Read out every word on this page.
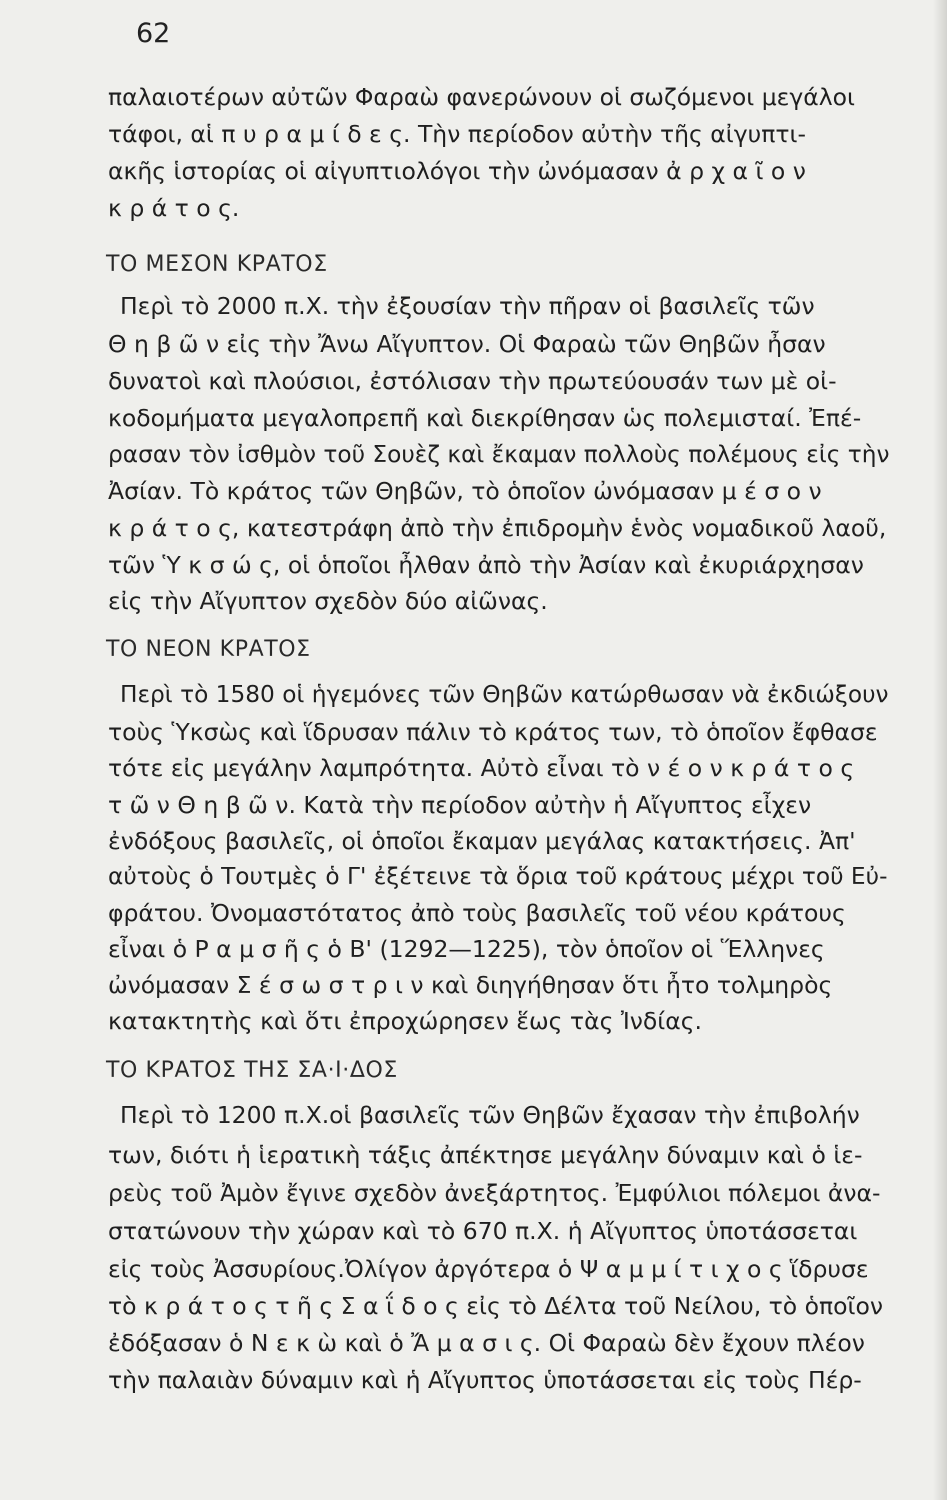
62
παλαιοτέρων αὐτῶν Φαραὼ φανερώνουν οἱ σωζόμενοι μεγάλοι
τάφοι, αἱ π υ ρ α μ ί δ ε ς. Τὴν περίοδον αὐτὴν τῆς αἰγυπτι-
ακῆς ἱστορίας οἱ αἰγυπτιολόγοι τὴν ὠνόμασαν ἀ ρ χ α ῖ ο ν
κ ρ ά τ ο ς.
ΤΟ ΜΕΣΟΝ ΚΡΑΤΟΣ
Περὶ τὸ 2000 π.Χ. τὴν ἐξουσίαν τὴν πῆραν οἱ βασιλεῖς τῶν
Θ η β ῶ ν εἰς τὴν Ἄνω Αἴγυπτον. Οἱ Φαραὼ τῶν Θηβῶν ἦσαν
δυνατοὶ καὶ πλούσιοι, ἐστόλισαν τὴν πρωτεύουσάν των μὲ οἰ-
κοδομήματα μεγαλοπρεπῆ καὶ διεκρίθησαν ὡς πολεμισταί. Ἐπέ-
ρασαν τὸν ἰσθμὸν τοῦ Σουὲζ καὶ ἔκαμαν πολλοὺς πολέμους εἰς τὴν
Ἀσίαν. Τὸ κράτος τῶν Θηβῶν, τὸ ὁποῖον ὠνόμασαν μ έ σ ο ν
κ ρ ά τ ο ς, κατεστράφη ἀπὸ τὴν ἐπιδρομὴν ἑνὸς νομαδικοῦ λαοῦ,
τῶν Ὑ κ σ ώ ς, οἱ ὁποῖοι ἦλθαν ἀπὸ τὴν Ἀσίαν καὶ ἐκυριάρχησαν
εἰς τὴν Αἴγυπτον σχεδὸν δύο αἰῶνας.
ΤΟ ΝΕΟΝ ΚΡΑΤΟΣ
Περὶ τὸ 1580 οἱ ἡγεμόνες τῶν Θηβῶν κατώρθωσαν νὰ ἐκδιώξουν
τοὺς Ὑκσὼς καὶ ἵδρυσαν πάλιν τὸ κράτος των, τὸ ὁποῖον ἔφθασε
τότε εἰς μεγάλην λαμπρότητα. Αὐτὸ εἶναι τὸ ν έ ο ν κ ρ ά τ ο ς
τ ῶ ν Θ η β ῶ ν. Κατὰ τὴν περίοδον αὐτὴν ἡ Αἴγυπτος εἶχεν
ἐνδόξους βασιλεῖς, οἱ ὁποῖοι ἔκαμαν μεγάλας κατακτήσεις. Ἀπ'
αὐτοὺς ὁ Τουτμὲς ὁ Γ' ἐξέτεινε τὰ ὅρια τοῦ κράτους μέχρι τοῦ Εὐ-
φράτου. Ὀνομαστότατος ἀπὸ τοὺς βασιλεῖς τοῦ νέου κράτους
εἶναι ὁ Ρ α μ σ ῆ ς ὁ Β' (1292—1225), τὸν ὁποῖον οἱ Ἕλληνες
ὠνόμασαν Σ έ σ ω σ τ ρ ι ν καὶ διηγήθησαν ὅτι ἦτο τολμηρὸς
κατακτητὴς καὶ ὅτι ἐπροχώρησεν ἕως τὰς Ἰνδίας.
ΤΟ ΚΡΑΤΟΣ ΤΗΣ ΣΑ·Ι·ΔΟΣ
Περὶ τὸ 1200 π.Χ.οἱ βασιλεῖς τῶν Θηβῶν ἔχασαν τὴν ἐπιβολήν
των, διότι ἡ ἱερατικὴ τάξις ἀπέκτησε μεγάλην δύναμιν καὶ ὁ ἱε-
ρεὺς τοῦ Ἀμὸν ἔγινε σχεδὸν ἀνεξάρτητος. Ἐμφύλιοι πόλεμοι ἀνα-
στατώνουν τὴν χώραν καὶ τὸ 670 π.Χ. ἡ Αἴγυπτος ὑποτάσσεται
εἰς τοὺς Ἀσσυρίους.Ὀλίγον ἀργότερα ὁ Ψ α μ μ ί τ ι χ ο ς ἵδρυσε
τὸ κ ρ ά τ ο ς τ ῆ ς Σ α ΐ δ ο ς εἰς τὸ Δέλτα τοῦ Νείλου, τὸ ὁποῖον
ἐδόξασαν ὁ Ν ε κ ὼ καὶ ὁ Ἄ μ α σ ι ς. Οἱ Φαραὼ δὲν ἔχουν πλέον
τὴν παλαιὰν δύναμιν καὶ ἡ Αἴγυπτος ὑποτάσσεται εἰς τοὺς Πέρ-
